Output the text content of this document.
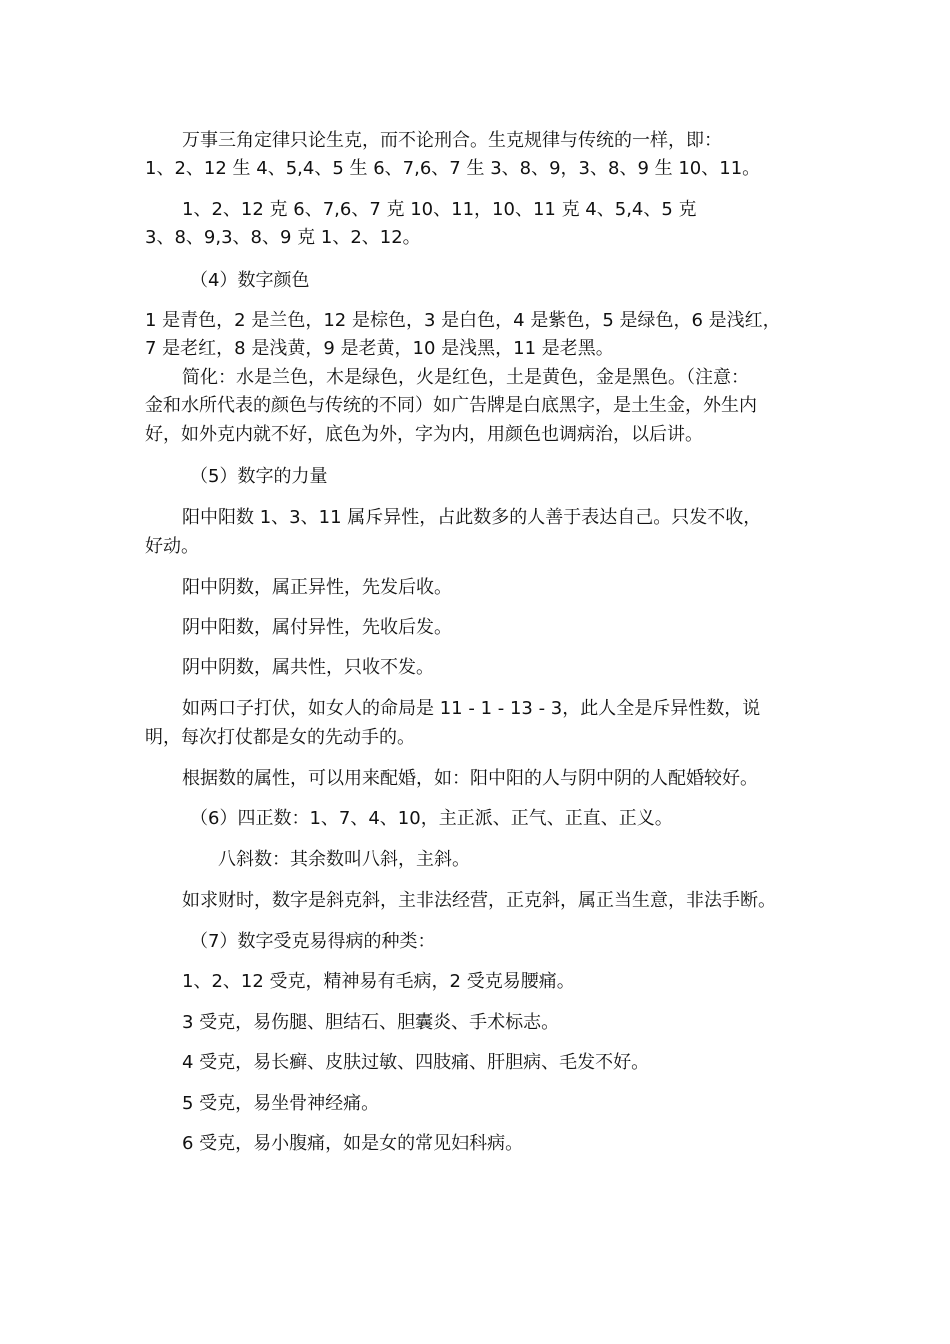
万事三角定律只论生克，而不论刑合。生克规律与传统的一样，即：

1、2、12 生 4、5,4、5 生 6、7,6、7 生 3、8、9，3、8、9 生 10、11。

1、2、12 克 6、7,6、7 克 10、11，10、11 克 4、5,4、5 克

3、8、9,3、8、9 克 1、2、12。

（4）数字颜色

1 是青色，2 是兰色，12 是棕色，3 是白色，4 是紫色，5 是绿色，6 是浅红，

7 是老红，8 是浅黄，9 是老黄，10 是浅黑，11 是老黑。

简化：水是兰色，木是绿色，火是红色，土是黄色，金是黑色。（注意：

金和水所代表的颜色与传统的不同）如广告牌是白底黑字，是土生金，外生内

好，如外克内就不好，底色为外，字为内，用颜色也调病治，以后讲。

（5）数字的力量

阳中阳数 1、3、11 属斥异性，占此数多的人善于表达自己。只发不收，

好动。

阳中阴数，属正异性，先发后收。

阴中阳数，属付异性，先收后发。

阴中阴数，属共性，只收不发。

如两口子打伏，如女人的命局是 11 - 1 - 13 - 3，此人全是斥异性数，说

明，每次打仗都是女的先动手的。

根据数的属性，可以用来配婚，如：阳中阳的人与阴中阴的人配婚较好。

（6）四正数：1、7、4、10，主正派、正气、正直、正义。

八斜数：其余数叫八斜，主斜。

如求财时，数字是斜克斜，主非法经营，正克斜，属正当生意，非法手断。

（7）数字受克易得病的种类：

1、2、12 受克，精神易有毛病，2 受克易腰痛。

3 受克，易伤腿、胆结石、胆囊炎、手术标志。

4 受克，易长癣、皮肤过敏、四肢痛、肝胆病、毛发不好。

5 受克，易坐骨神经痛。

6 受克，易小腹痛，如是女的常见妇科病。
